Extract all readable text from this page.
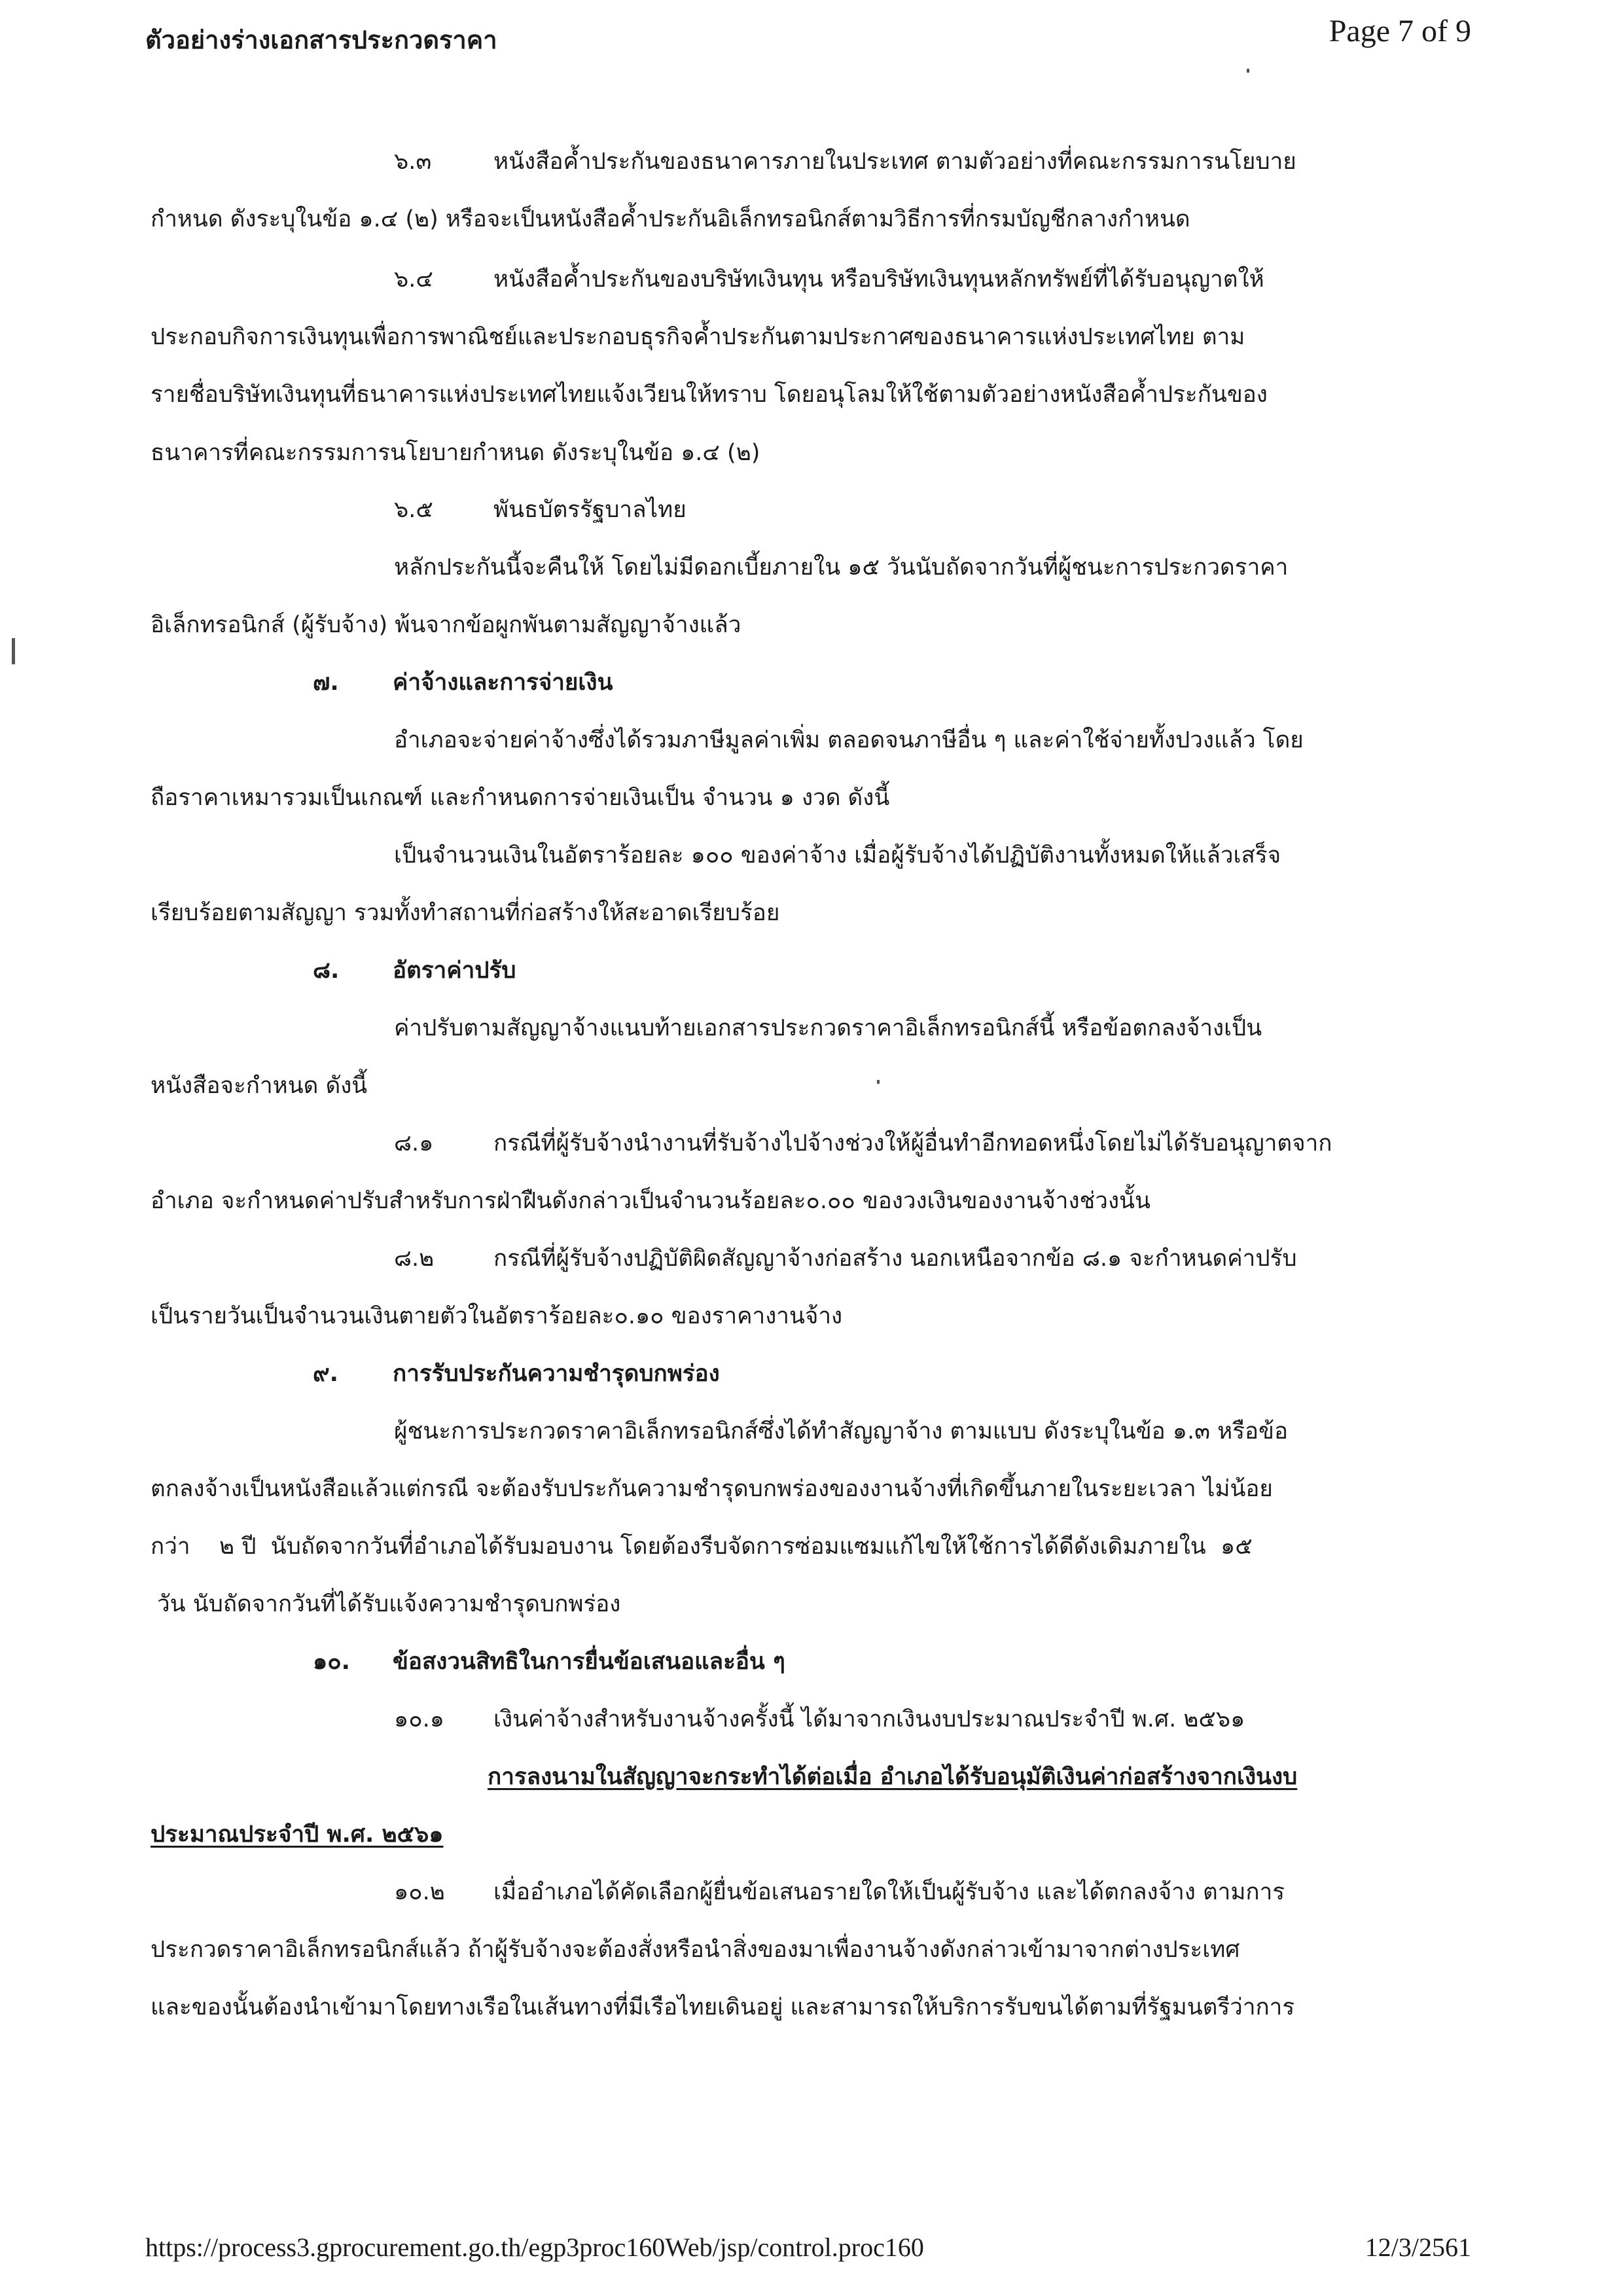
ตัวอย่างร่างเอกสารประกวดราคา	Page 7 of 9
๖.๓	หนังสือค้ำประกันของธนาคารภายในประเทศ ตามตัวอย่างที่คณะกรรมการนโยบาย
กำหนด ดังระบุในข้อ ๑.๔ (๒) หรือจะเป็นหนังสือค้ำประกันอิเล็กทรอนิกส์ตามวิธีการที่กรมบัญชีกลางกำหนด
๖.๔	หนังสือค้ำประกันของบริษัทเงินทุน หรือบริษัทเงินทุนหลักทรัพย์ที่ได้รับอนุญาตให้
ประกอบกิจการเงินทุนเพื่อการพาณิชย์และประกอบธุรกิจค้ำประกันตามประกาศของธนาคารแห่งประเทศไทย ตาม
รายชื่อบริษัทเงินทุนที่ธนาคารแห่งประเทศไทยแจ้งเวียนให้ทราบ โดยอนุโลมให้ใช้ตามตัวอย่างหนังสือค้ำประกันของ
ธนาคารที่คณะกรรมการนโยบายกำหนด ดังระบุในข้อ ๑.๔ (๒)
๖.๕	พันธบัตรรัฐบาลไทย
หลักประกันนี้จะคืนให้ โดยไม่มีดอกเบี้ยภายใน ๑๕ วันนับถัดจากวันที่ผู้ชนะการประกวดราคา
อิเล็กทรอนิกส์ (ผู้รับจ้าง) พ้นจากข้อผูกพันตามสัญญาจ้างแล้ว
๗. ค่าจ้างและการจ่ายเงิน
อำเภอจะจ่ายค่าจ้างซึ่งได้รวมภาษีมูลค่าเพิ่ม ตลอดจนภาษีอื่น ๆ และค่าใช้จ่ายทั้งปวงแล้ว โดย
ถือราคาเหมารวมเป็นเกณฑ์ และกำหนดการจ่ายเงินเป็น จำนวน ๑ งวด ดังนี้
เป็นจำนวนเงินในอัตราร้อยละ ๑๐๐ ของค่าจ้าง เมื่อผู้รับจ้างได้ปฏิบัติงานทั้งหมดให้แล้วเสร็จ
เรียบร้อยตามสัญญา รวมทั้งทำสถานที่ก่อสร้างให้สะอาดเรียบร้อย
๘. อัตราค่าปรับ
ค่าปรับตามสัญญาจ้างแนบท้ายเอกสารประกวดราคาอิเล็กทรอนิกส์นี้ หรือข้อตกลงจ้างเป็น
หนังสือจะกำหนด ดังนี้
๘.๑	กรณีที่ผู้รับจ้างนำงานที่รับจ้างไปจ้างช่วงให้ผู้อื่นทำอีกทอดหนึ่งโดยไม่ได้รับอนุญาตจาก
อำเภอ จะกำหนดค่าปรับสำหรับการฝ่าฝืนดังกล่าวเป็นจำนวนร้อยละ๐.๐๐ ของวงเงินของงานจ้างช่วงนั้น
๘.๒	กรณีที่ผู้รับจ้างปฏิบัติผิดสัญญาจ้างก่อสร้าง นอกเหนือจากข้อ ๘.๑ จะกำหนดค่าปรับ
เป็นรายวันเป็นจำนวนเงินตายตัวในอัตราร้อยละ๐.๑๐ ของราคางานจ้าง
๙. การรับประกันความชำรุดบกพร่อง
ผู้ชนะการประกวดราคาอิเล็กทรอนิกส์ซึ่งได้ทำสัญญาจ้าง ตามแบบ ดังระบุในข้อ ๑.๓ หรือข้อ
ตกลงจ้างเป็นหนังสือแล้วแต่กรณี จะต้องรับประกันความชำรุดบกพร่องของงานจ้างที่เกิดขึ้นภายในระยะเวลา ไม่น้อย
กว่า    ๒ ปี  นับถัดจากวันที่อำเภอได้รับมอบงาน โดยต้องรีบจัดการซ่อมแซมแก้ไขให้ใช้การได้ดีดังเดิมภายใน  ๑๕
วัน นับถัดจากวันที่ได้รับแจ้งความชำรุดบกพร่อง
๑๐. ข้อสงวนสิทธิในการยื่นข้อเสนอและอื่น ๆ
๑๐.๑ เงินค่าจ้างสำหรับงานจ้างครั้งนี้ ได้มาจากเงินงบประมาณประจำปี พ.ศ. ๒๕๖๑
การลงนามในสัญญาจะกระทำได้ต่อเมื่อ อำเภอได้รับอนุมัติเงินค่าก่อสร้างจากเงินงบ
ประมาณประจำปี พ.ศ. ๒๕๖๑
๑๐.๒ เมื่ออำเภอได้คัดเลือกผู้ยื่นข้อเสนอรายใดให้เป็นผู้รับจ้าง และได้ตกลงจ้าง ตามการ
ประกวดราคาอิเล็กทรอนิกส์แล้ว ถ้าผู้รับจ้างจะต้องสั่งหรือนำสิ่งของมาเพื่องานจ้างดังกล่าวเข้ามาจากต่างประเทศ
และของนั้นต้องนำเข้ามาโดยทางเรือในเส้นทางที่มีเรือไทยเดินอยู่ และสามารถให้บริการรับขนได้ตามที่รัฐมนตรีว่าการ
https://process3.gprocurement.go.th/egp3proc160Web/jsp/control.proc160	12/3/2561
